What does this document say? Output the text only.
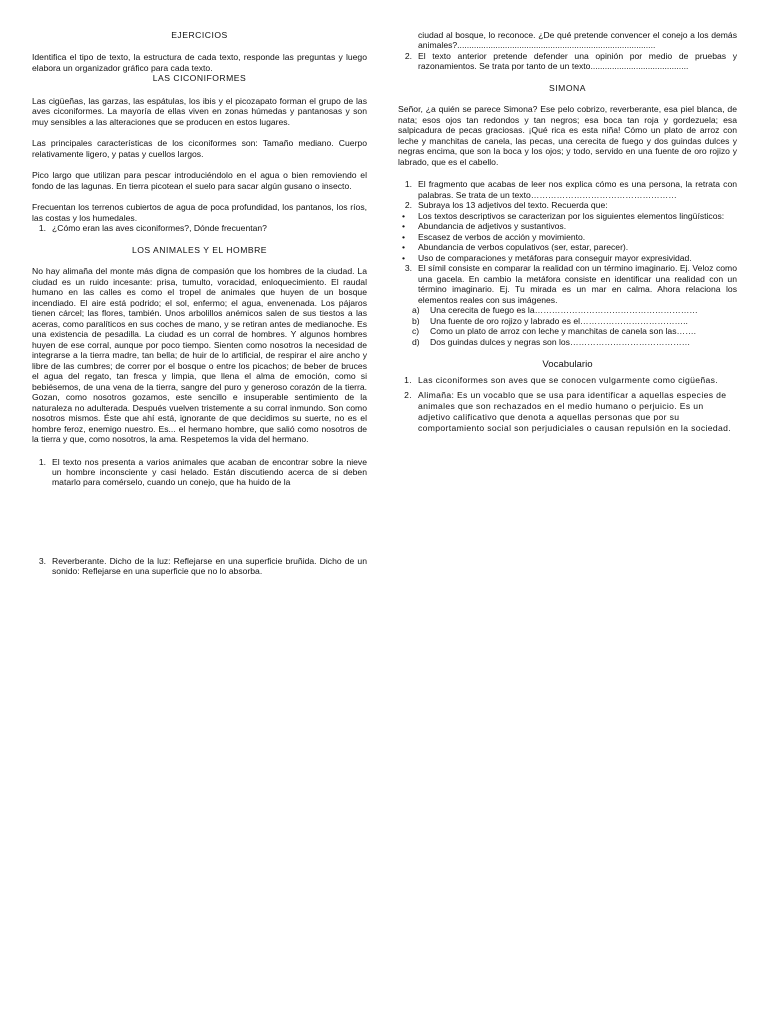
EJERCICIOS

Identifica el tipo de texto, la estructura de cada texto, responde las preguntas y luego elabora un organizador gráfico para cada texto.

LAS CICONIFORMES

Las cigüeñas, las garzas, las espátulas, los ibis y el picozapato forman el grupo de las aves ciconiformes. La mayoría de ellas viven en zonas húmedas y pantanosas y son muy sensibles a las alteraciones que se producen en estos lugares.

Las principales características de los ciconiformes son: Tamaño mediano. Cuerpo relativamente ligero, y patas y cuellos largos.

Pico largo que utilizan para pescar introduciéndolo en el agua o bien removiendo el fondo de las lagunas. En tierra picotean el suelo para sacar algún gusano o insecto.

Frecuentan los terrenos cubiertos de agua de poca profundidad, los pantanos, los ríos, las costas y los humedales.

1. ¿Cómo eran las aves ciconiformes?, Dónde frecuentan?
LOS ANIMALES Y EL HOMBRE

No hay alimaña del monte más digna de compasión que los hombres de la ciudad. La ciudad es un ruido incesante: prisa, tumulto, voracidad, enloquecimiento. El raudal humano en las calles es como el tropel de animales que huyen de un bosque incendiado. El aire está podrido; el sol, enfermo; el agua, envenenada. Los pájaros tienen cárcel; las flores, también. Unos arbolillos anémicos salen de sus tiestos a las aceras, como paralíticos en sus coches de mano, y se retiran antes de medianoche. Es una existencia de pesadilla. La ciudad es un corral de hombres. Y algunos hombres huyen de ese corral, aunque por poco tiempo. Sienten como nosotros la necesidad de integrarse a la tierra madre, tan bella; de huir de lo artificial, de respirar el aire ancho y libre de las cumbres; de correr por el bosque o entre los picachos; de beber de bruces el agua del regato, tan fresca y limpia, que llena el alma de emoción, como si bebiésemos, de una vena de la tierra, sangre del puro y generoso corazón de la tierra. Gozan, como nosotros gozamos, este sencillo e insuperable sentimiento de la naturaleza no adulterada. Después vuelven tristemente a su corral inmundo. Son como nosotros mismos. Éste que ahí está, ignorante de que decidimos su suerte, no es el hombre feroz, enemigo nuestro. Es... el hermano hombre, que salió como nosotros de la tierra y que, como nosotros, la ama. Respetemos la vida del hermano.

1. El texto nos presenta a varios animales que acaban de encontrar sobre la nieve un hombre inconsciente y casi helado. Están discutiendo acerca de si deben matarlo para comérselo, cuando un conejo, que ha huido de la
3. Reverberante. Dicho de la luz: Reflejarse en una superficie bruñida. Dicho de un sonido: Reflejarse en una superficie que no lo absorba.
ciudad al bosque, lo reconoce. ¿De qué pretende convencer el conejo a los demás animales?...................................................................................
2. El texto anterior pretende defender una opinión por medio de pruebas y razonamientos. Se trata por tanto de un texto.........................................
SIMONA

Señor, ¿a quién se parece Simona? Ese pelo cobrizo, reverberante, esa piel blanca, de nata; esos ojos tan redondos y tan negros; esa boca tan roja y gordezuela; esa salpicadura de pecas graciosas. ¡Qué rica es esta niña! Cómo un plato de arroz con leche y manchitas de canela, las pecas, una cerecita de fuego y dos guindas dulces y negras encima, que son la boca y los ojos; y todo, servido en una fuente de oro rojizo y labrado, que es el cabello.

1. El fragmento que acabas de leer nos explica cómo es una persona, la retrata con palabras. Se trata de un texto……………………………………………
2. Subraya los 13 adjetivos del texto. Recuerda que:
• Los textos descriptivos se caracterizan por los siguientes elementos lingüísticos:
• Abundancia de adjetivos y sustantivos.
• Escasez de verbos de acción y movimiento.
• Abundancia de verbos copulativos (ser, estar, parecer).
• Uso de comparaciones y metáforas para conseguir mayor expresividad.
3. El símil consiste en comparar la realidad con un término imaginario. Ej. Veloz como una gacela. En cambio la metáfora consiste en identificar una realidad con un término imaginario. Ej. Tu mirada es un mar en calma. Ahora relaciona los elementos reales con sus imágenes.
a) Una cerecita de fuego es la…………………………………………………
b) Una fuente de oro rojizo y labrado es el………………………………..
c) Como un plato de arroz con leche y manchitas de canela son las…….
d) Dos guindas dulces y negras son los……………………………………
Vocabulario
1. Las ciconiformes son aves que se conocen vulgarmente como cigüeñas.
2. Alimaña: Es un vocablo que se usa para identificar a aquellas especies de animales que son rechazados en el medio humano o perjuicio. Es un adjetivo calificativo que denota a aquellas personas que por su comportamiento social son perjudiciales o causan repulsión en la sociedad.
